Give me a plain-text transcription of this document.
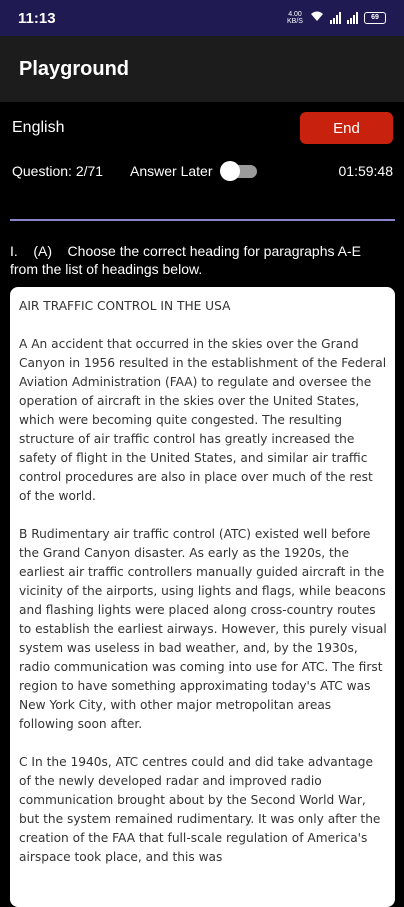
11:13	4.00 KB/S
69
Playground
English	End
Question: 2/71 Answer Later	01:59:48
I.    (A)    Choose the correct heading for paragraphs A-E from the list of headings below.

AIR TRAFFIC CONTROL IN THE USA

A An accident that occurred in the skies over the Grand Canyon in 1956 resulted in the establishment of the Federal Aviation Administration (FAA) to regulate and oversee the operation of aircraft in the skies over the United States, which were becoming quite congested. The resulting structure of air traffic control has greatly increased the safety of flight in the United States, and similar air traffic control procedures are also in place over much of the rest of the world.

B Rudimentary air traffic control (ATC) existed well before the Grand Canyon disaster. As early as the 1920s, the earliest air traffic controllers manually guided aircraft in the vicinity of the airports, using lights and flags, while beacons and flashing lights were placed along cross-country routes to establish the earliest airways. However, this purely visual system was useless in bad weather, and, by the 1930s, radio communication was coming into use for ATC. The first region to have something approximating today's ATC was New York City, with other major metropolitan areas following soon after.

C In the 1940s, ATC centres could and did take advantage of the newly developed radar and improved radio communication brought about by the Second World War, but the system remained rudimentary. It was only after the creation of the FAA that full-scale regulation of America's airspace took place, and this was
